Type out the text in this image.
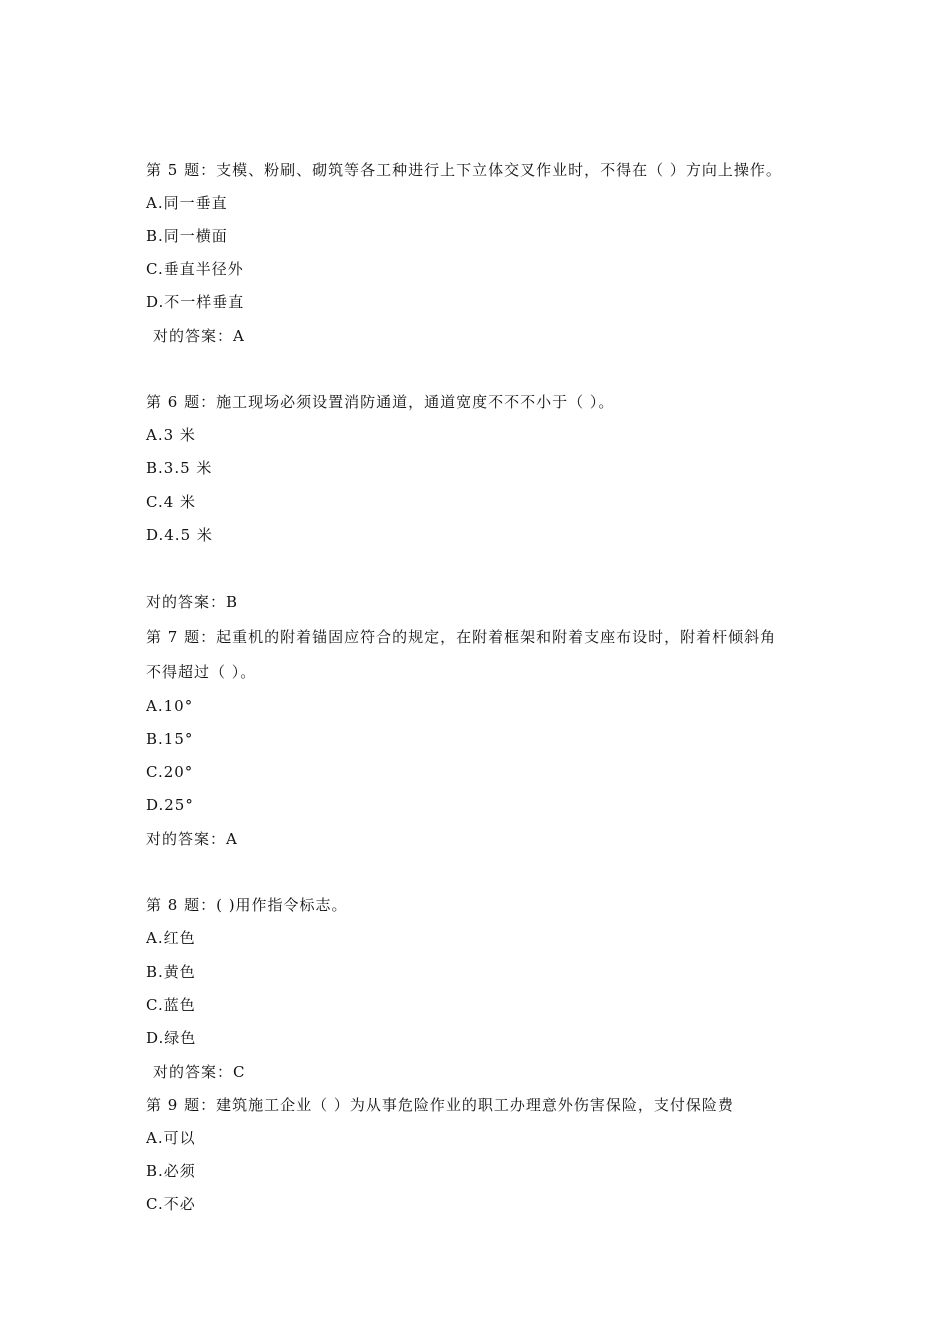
第 5 题：支模、粉刷、砌筑等各工种进行上下立体交叉作业时，不得在（ ）方向上操作。
A.同一垂直
B.同一横面
C.垂直半径外
D.不一样垂直
对的答案：A
第 6 题：施工现场必须设置消防通道，通道宽度不不不小于（ ）。
A.3 米
B.3.5 米
C.4 米
D.4.5 米
对的答案：B
第 7 题：起重机的附着锚固应符合的规定，在附着框架和附着支座布设时，附着杆倾斜角
不得超过（ ）。
A.10°
B.15°
C.20°
D.25°
对的答案：A
第 8 题：( )用作指令标志。
A.红色
B.黄色
C.蓝色
D.绿色
对的答案：C
第 9 题：建筑施工企业（ ）为从事危险作业的职工办理意外伤害保险，支付保险费
A.可以
B.必须
C.不必
